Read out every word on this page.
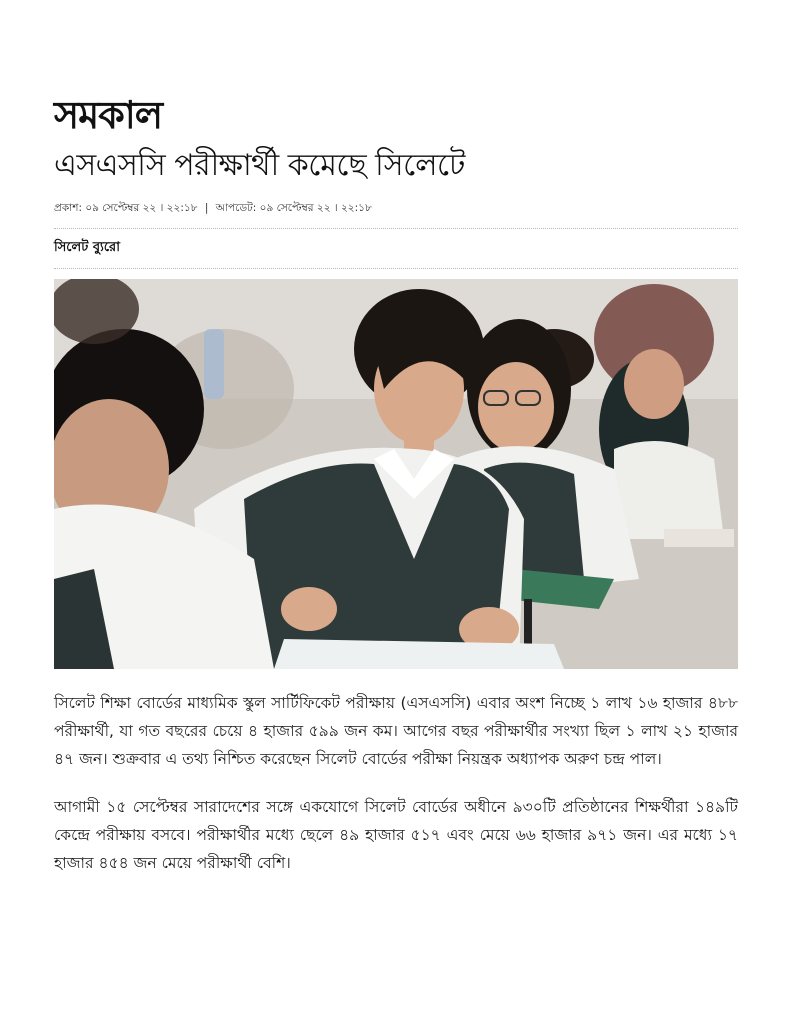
সমকাল
এসএসসি পরীক্ষার্থী কমেছে সিলেটে
প্রকাশ: ০৯ সেপ্টেম্বর ২২ । ২২:১৮ | আপডেট: ০৯ সেপ্টেম্বর ২২ । ২২:১৮
সিলেট ব্যুরো

সিলেট শিক্ষা বোর্ডের মাধ্যমিক স্কুল সার্টিফিকেট পরীক্ষায় (এসএসসি) এবার অংশ নিচ্ছে ১ লাখ ১৬ হাজার ৪৮৮ পরীক্ষার্থী, যা গত বছরের চেয়ে ৪ হাজার ৫৯৯ জন কম। আগের বছর পরীক্ষার্থীর সংখ্যা ছিল ১ লাখ ২১ হাজার ৪৭ জন। শুক্রবার এ তথ্য নিশ্চিত করেছেন সিলেট বোর্ডের পরীক্ষা নিয়ন্ত্রক অধ্যাপক অরুণ চন্দ্র পাল।

আগামী ১৫ সেপ্টেম্বর সারাদেশের সঙ্গে একযোগে সিলেট বোর্ডের অধীনে ৯৩০টি প্রতিষ্ঠানের শিক্ষর্থীরা ১৪৯টি কেন্দ্রে পরীক্ষায় বসবে। পরীক্ষার্থীর মধ্যে ছেলে ৪৯ হাজার ৫১৭ এবং মেয়ে ৬৬ হাজার ৯৭১ জন। এর মধ্যে ১৭ হাজার ৪৫৪ জন মেয়ে পরীক্ষার্থী বেশি।
